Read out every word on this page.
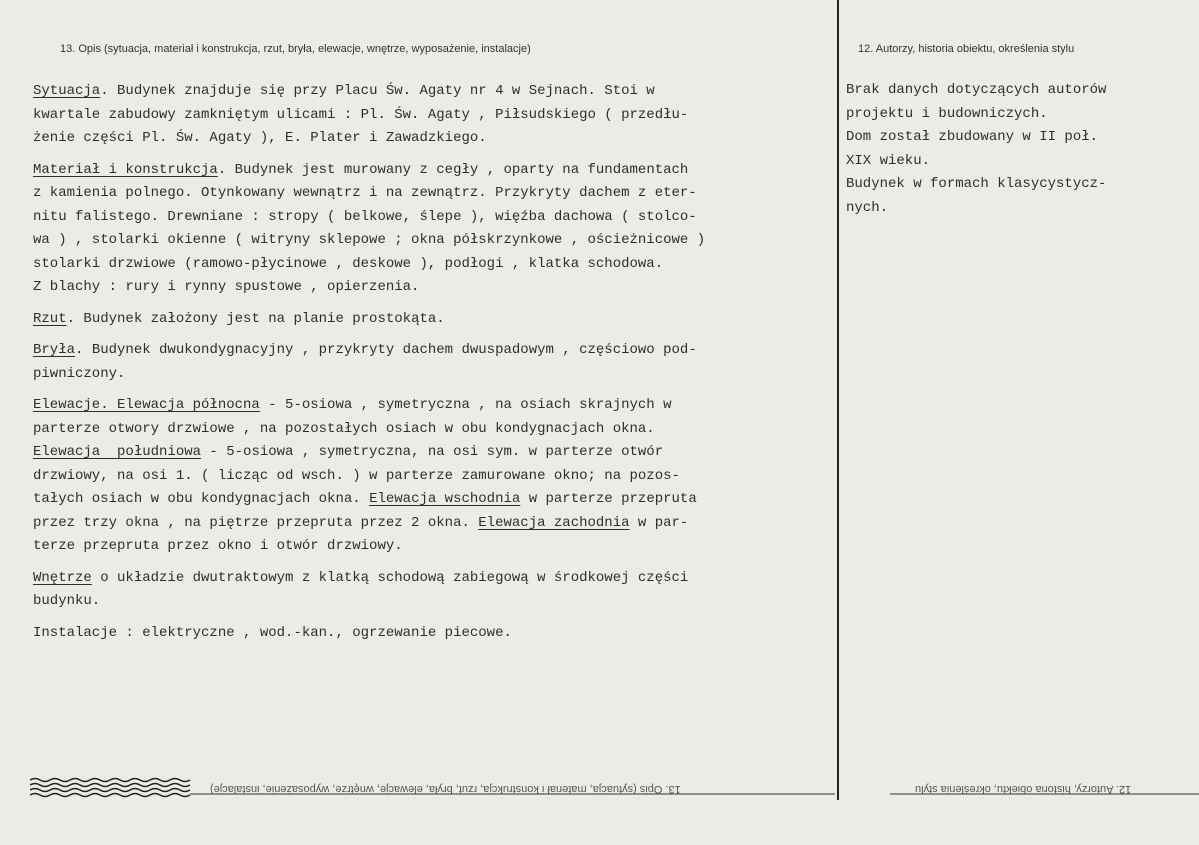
13. Opis (sytuacja, materiał i konstrukcja, rzut, bryła, elewacje, wnętrze, wyposażenie, instalacje)	12. Autorzy, historia obiektu, określenia stylu

Sytuacja. Budynek znajduje się przy Placu Św. Agaty nr 4 w Sejnach. Stoi w
kwartale zabudowy zamkniętym ulicami : Pl. Św. Agaty , Piłsudskiego ( przedłu-
żenie części Pl. Św. Agaty ), E. Plater i Zawadzkiego.

Materiał i konstrukcja. Budynek jest murowany z cegły , oparty na fundamentach
z kamienia polnego. Otynkowany wewnątrz i na zewnątrz. Przykryty dachem z eter-
nitu falistego. Drewniane : stropy ( belkowe, ślepe ), więźba dachowa ( stolco-
wa ) , stolarki okienne ( witryny sklepowe ; okna półskrzynkowe , ościeżnicowe )
stolarki drzwiowe (ramowo-płycinowe , deskowe ), podłogi , klatka schodowa.
Z blachy : rury i rynny spustowe , opierzenia.

Rzut. Budynek założony jest na planie prostokąta.

Bryła. Budynek dwukondygnacyjny , przykryty dachem dwuspadowym , częściowo pod-
piwniczony.

Elewacje. Elewacja północna - 5-osiowa , symetryczna , na osiach skrajnych w
parterze otwory drzwiowe , na pozostałych osiach w obu kondygnacjach okna.
Elewacja  południowa - 5-osiowa , symetryczna, na osi sym. w parterze otwór
drzwiowy, na osi 1. ( licząc od wsch. ) w parterze zamurowane okno; na pozos-
tałych osiach w obu kondygnacjach okna. Elewacja wschodnia w parterze przepruta
przez trzy okna , na piętrze przepruta przez 2 okna. Elewacja zachodnia w par-
terze przepruta przez okno i otwór drzwiowy.

Wnętrze o układzie dwutraktowym z klatką schodową zabiegową w środkowej części
budynku.

Instalacje : elektryczne , wod.-kan., ogrzewanie piecowe.

Brak danych dotyczących autorów

projektu i budowniczych.

Dom został zbudowany w II poł.

XIX wieku.

Budynek w formach klasycystycz-

nych.

13. Opis (sytuacja, materiał i konstrukcja, rzut, bryła, elewacje, wnętrze, wyposażenie, instalacje)	12. Autorzy, historia obiektu, określenia stylu
